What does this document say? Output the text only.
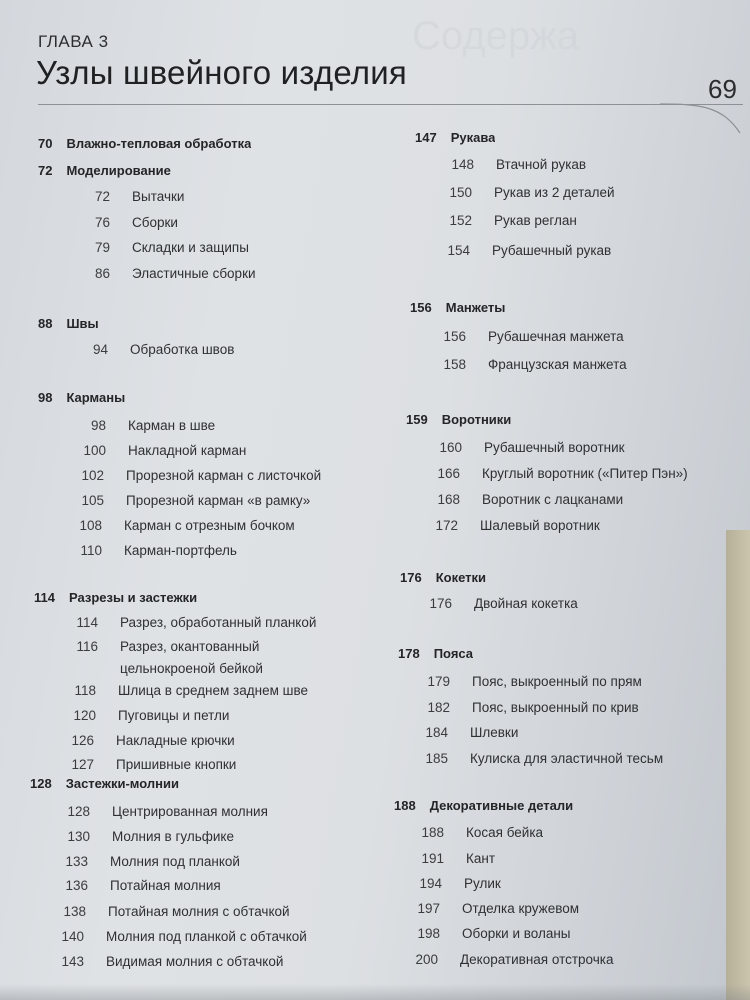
Содержа
ГЛАВА 3
Узлы швейного изделия	69
70 Влажно-тепловая обработка
72 Моделирование
72 Вытачки
76 Сборки
79 Складки и защипы
86 Эластичные сборки
88 Швы
94 Обработка швов
98 Карманы
98 Карман в шве
100 Накладной карман
102 Прорезной карман с листочкой
105 Прорезной карман «в рамку»
108 Карман с отрезным бочком
110 Карман-портфель
114 Разрезы и застежки
114 Разрез, обработанный планкой
116 Разрез, окантованный
цельнокроеной бейкой
118 Шлица в среднем заднем шве
120 Пуговицы и петли
126 Накладные крючки
127 Пришивные кнопки
128 Застежки-молнии
128 Центрированная молния
130 Молния в гульфике
133 Молния под планкой
136 Потайная молния
138 Потайная молния с обтачкой
140 Молния под планкой с обтачкой
143 Видимая молния с обтачкой
147 Рукава
148 Втачной рукав
150 Рукав из 2 деталей
152 Рукав реглан
154 Рубашечный рукав
156 Манжеты
156 Рубашечная манжета
158 Французская манжета
159 Воротники
160 Рубашечный воротник
166 Круглый воротник («Питер Пэн»)
168 Воротник с лацканами
172 Шалевый воротник
176 Кокетки
176 Двойная кокетка
178 Пояса
179 Пояс, выкроенный по прям
182 Пояс, выкроенный по крив
184 Шлевки
185 Кулиска для эластичной тесьм
188 Декоративные детали
188 Косая бейка
191 Кант
194 Рулик
197 Отделка кружевом
198 Оборки и воланы
200 Декоративная отстрочка
